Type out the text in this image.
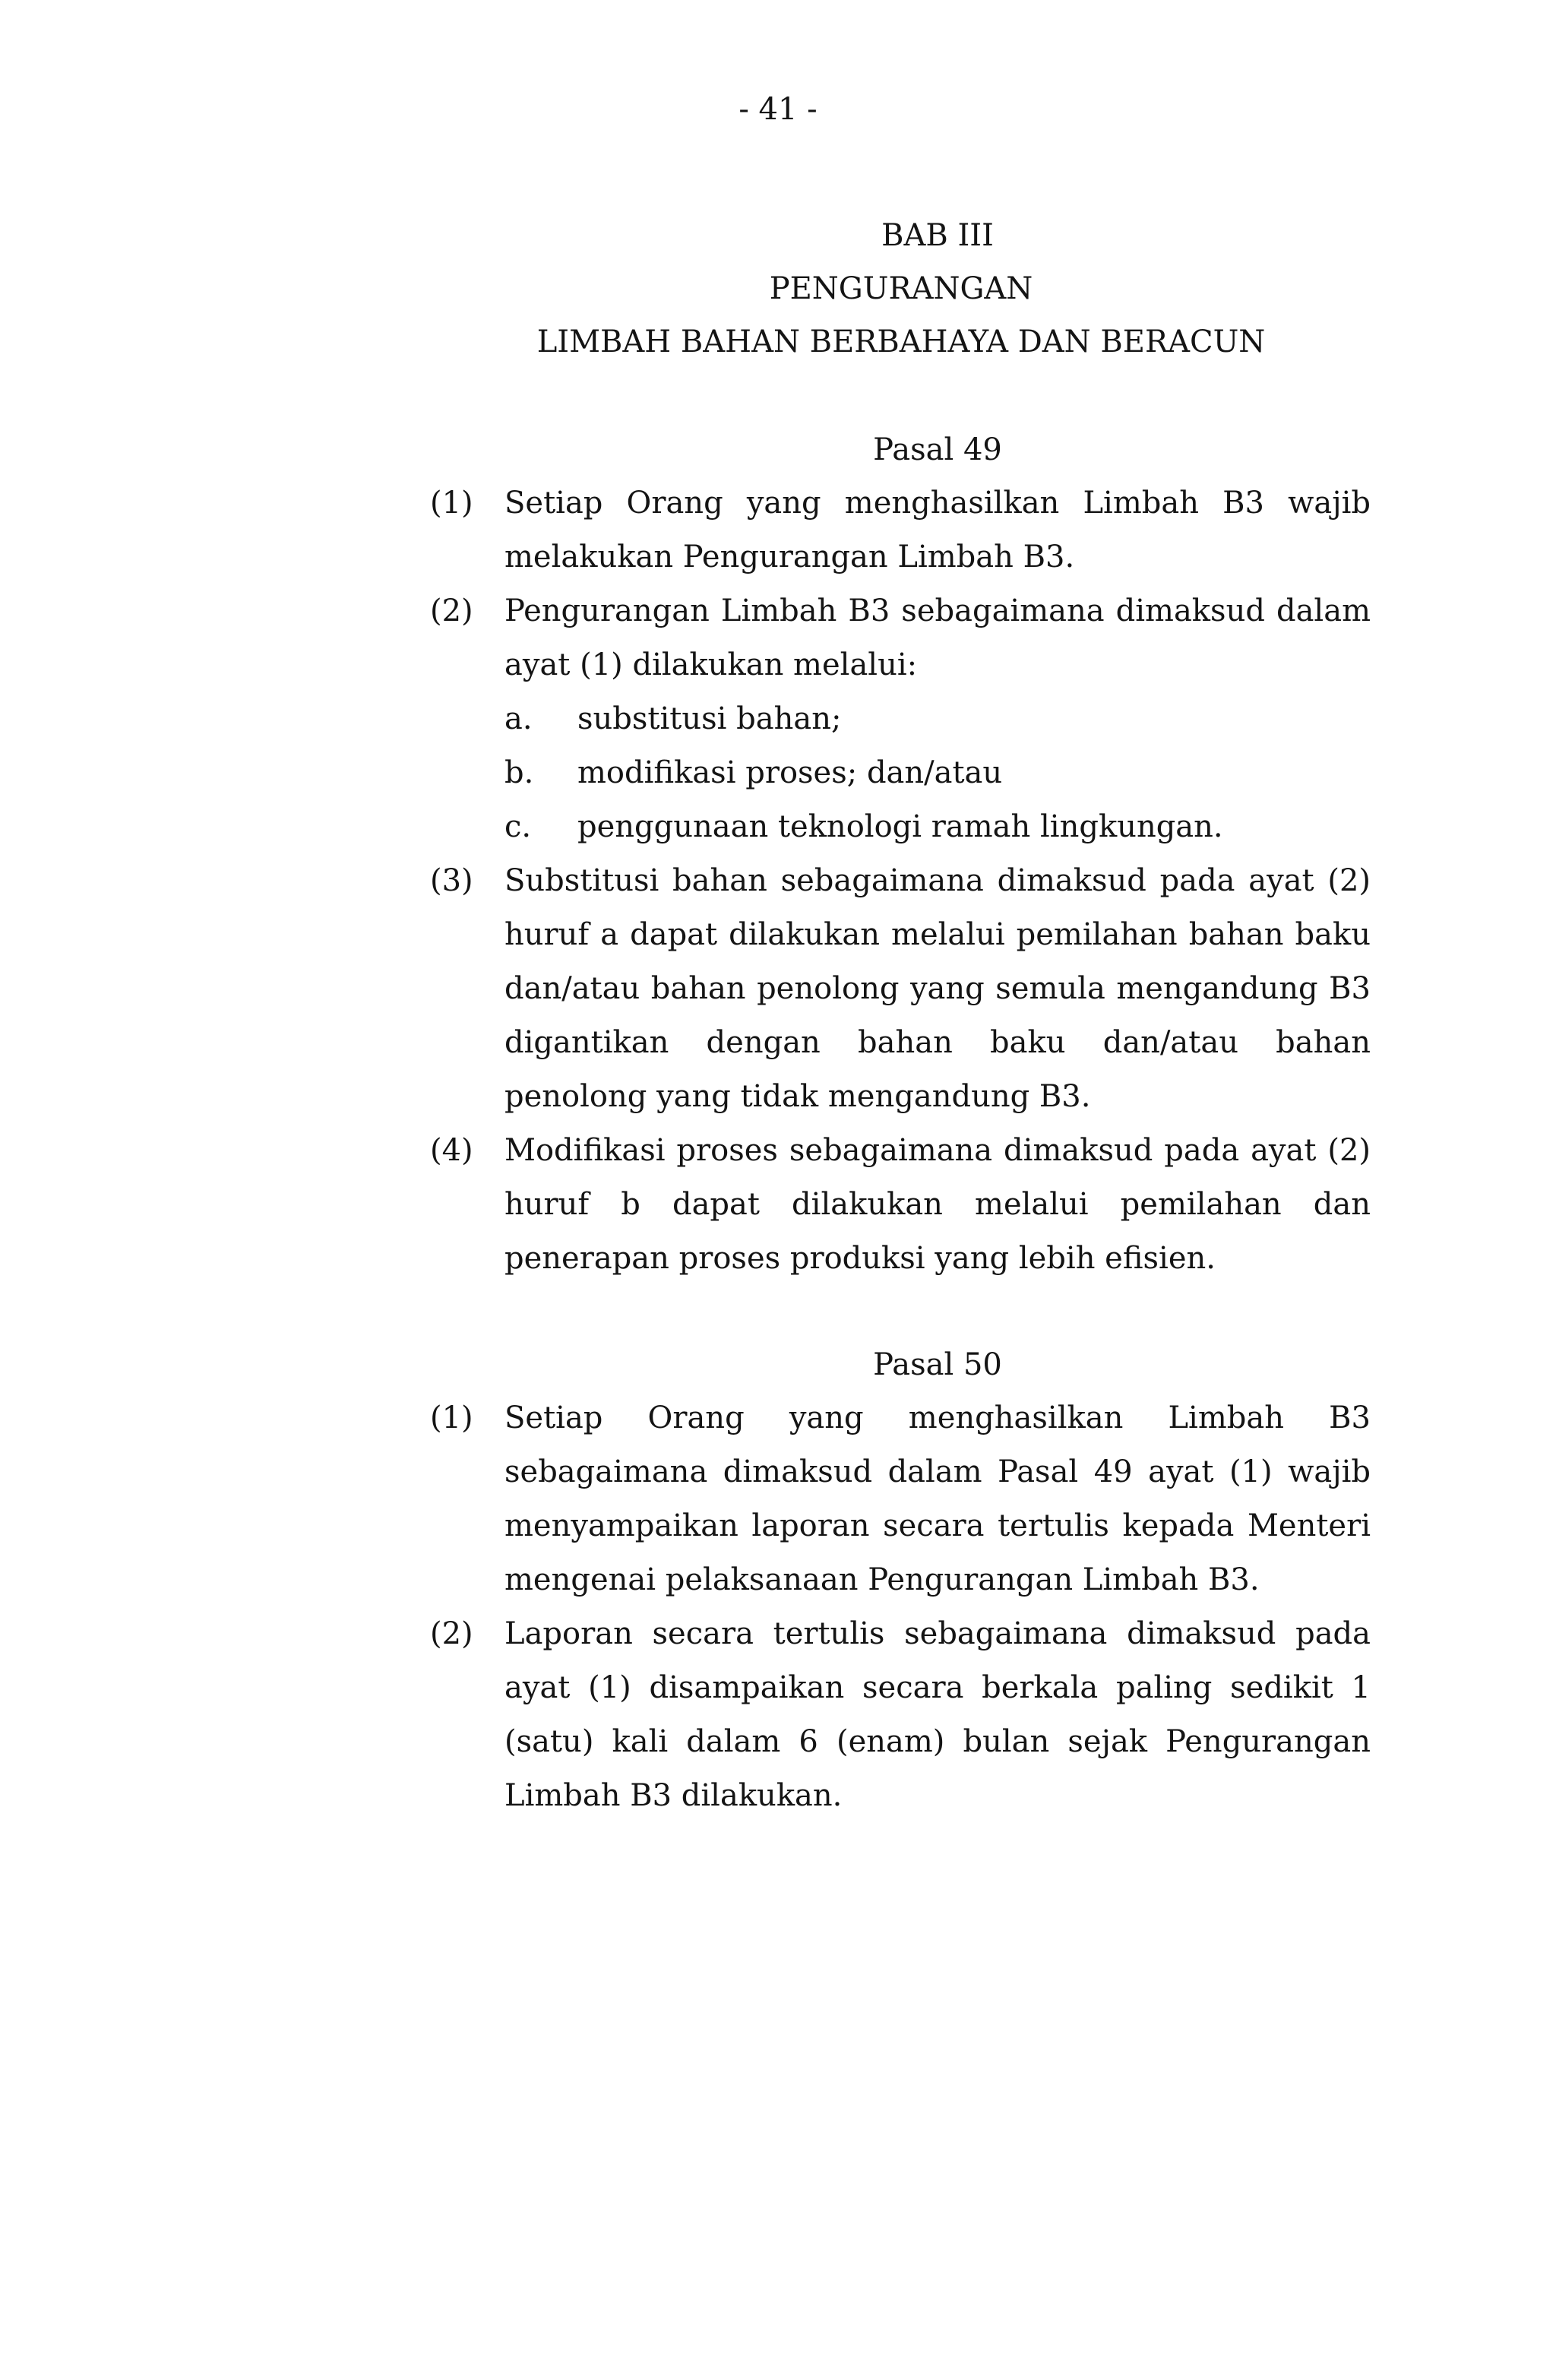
- 41 -
BAB III
PENGURANGAN
LIMBAH BAHAN BERBAHAYA DAN BERACUN
Pasal 49
(1) Setiap Orang yang menghasilkan Limbah B3 wajib melakukan Pengurangan Limbah B3.
(2) Pengurangan Limbah B3 sebagaimana dimaksud dalam ayat (1) dilakukan melalui:
a. substitusi bahan;
b. modifikasi proses; dan/atau
c. penggunaan teknologi ramah lingkungan.
(3) Substitusi bahan sebagaimana dimaksud pada ayat (2) huruf a dapat dilakukan melalui pemilahan bahan baku dan/atau bahan penolong yang semula mengandung B3 digantikan dengan bahan baku dan/atau bahan penolong yang tidak mengandung B3.
(4) Modifikasi proses sebagaimana dimaksud pada ayat (2) huruf b dapat dilakukan melalui pemilahan dan penerapan proses produksi yang lebih efisien.
Pasal 50
(1) Setiap Orang yang menghasilkan Limbah B3 sebagaimana dimaksud dalam Pasal 49 ayat (1) wajib menyampaikan laporan secara tertulis kepada Menteri mengenai pelaksanaan Pengurangan Limbah B3.
(2) Laporan secara tertulis sebagaimana dimaksud pada ayat (1) disampaikan secara berkala paling sedikit 1 (satu) kali dalam 6 (enam) bulan sejak Pengurangan Limbah B3 dilakukan.
